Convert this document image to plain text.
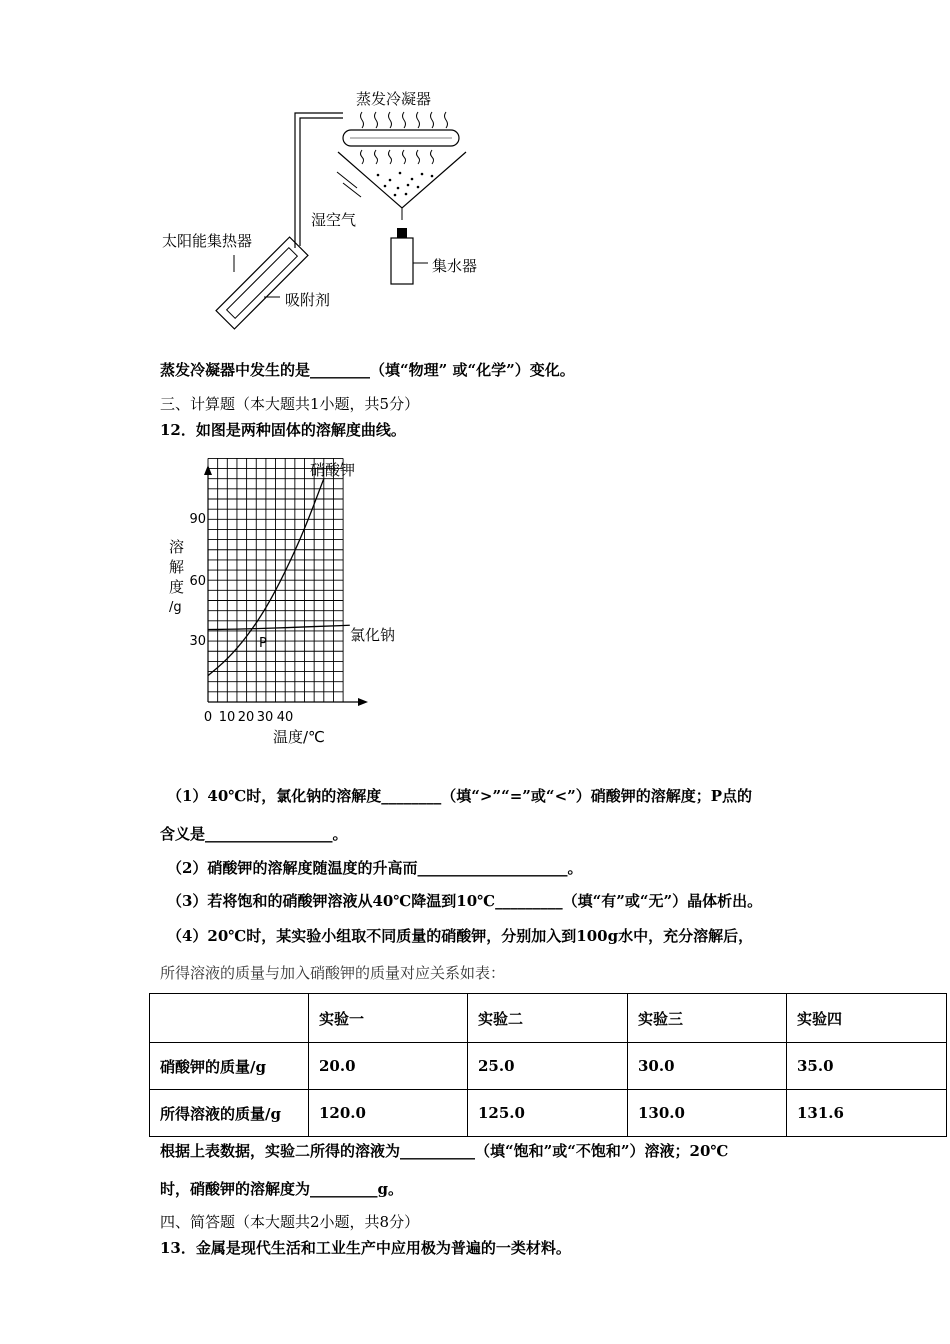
蒸发冷凝器
湿空气
太阳能集热器
集水器
吸附剂
蒸发冷凝器中发生的是________（填“物理” 或“化学”）变化。
三、计算题（本大题共1小题，共5分）
12．如图是两种固体的溶解度曲线。
P
硝酸钾
氯化钠
溶
解
度
/g
30
60
90
0 10 20 30 40
温度/℃
（1）40℃时，氯化钠的溶解度________（填“>”“=”或“<”）硝酸钾的溶解度；P点的
含义是_________________。
（2）硝酸钾的溶解度随温度的升高而____________________。
（3）若将饱和的硝酸钾溶液从40℃降温到10℃_________（填“有”或“无”）晶体析出。
（4）20℃时，某实验小组取不同质量的硝酸钾，分别加入到100g水中，充分溶解后，
所得溶液的质量与加入硝酸钾的质量对应关系如表：
	实验一	实验二	实验三	实验四
硝酸钾的质量/g	20.0	25.0	30.0	35.0
所得溶液的质量/g	120.0	125.0	130.0	131.6
根据上表数据，实验二所得的溶液为__________（填“饱和”或“不饱和”）溶液；20℃
时，硝酸钾的溶解度为_________g。
四、简答题（本大题共2小题，共8分）
13．金属是现代生活和工业生产中应用极为普遍的一类材料。
